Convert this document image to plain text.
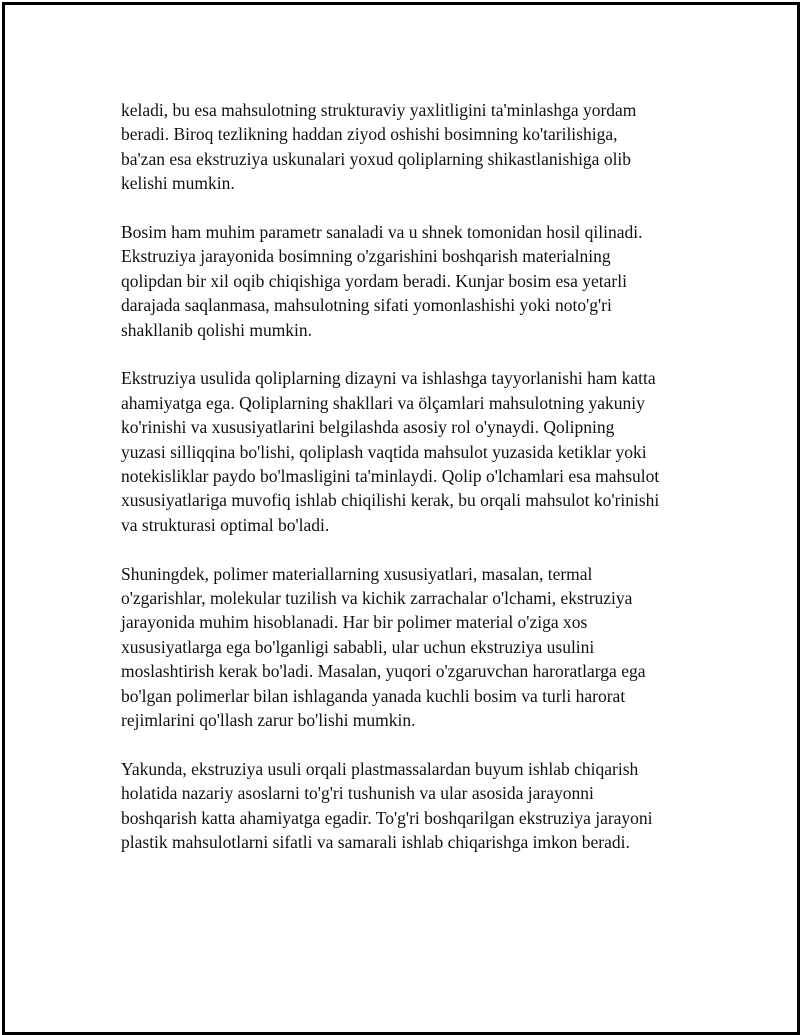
keladi, bu esa mahsulotning strukturaviy yaxlitligini ta'minlashga yordam
beradi. Biroq tezlikning haddan ziyod oshishi bosimning ko'tarilishiga,
ba'zan esa ekstruziya uskunalari yoxud qoliplarning shikastlanishiga olib
kelishi mumkin.

Bosim ham muhim parametr sanaladi va u shnek tomonidan hosil qilinadi.
Ekstruziya jarayonida bosimning o'zgarishini boshqarish materialning
qolipdan bir xil oqib chiqishiga yordam beradi. Kunjar bosim esa yetarli
darajada saqlanmasa, mahsulotning sifati yomonlashishi yoki noto'g'ri
shakllanib qolishi mumkin.

Ekstruziya usulida qoliplarning dizayni va ishlashga tayyorlanishi ham katta
ahamiyatga ega. Qoliplarning shakllari va ölçamlari mahsulotning yakuniy
ko'rinishi va xususiyatlarini belgilashda asosiy rol o'ynaydi. Qolipning
yuzasi silliqqina bo'lishi, qoliplash vaqtida mahsulot yuzasida ketiklar yoki
notekisliklar paydo bo'lmasligini ta'minlaydi. Qolip o'lchamlari esa mahsulot
xususiyatlariga muvofiq ishlab chiqilishi kerak, bu orqali mahsulot ko'rinishi
va strukturasi optimal bo'ladi.

Shuningdek, polimer materiallarning xususiyatlari, masalan, termal
o'zgarishlar, molekular tuzilish va kichik zarrachalar o'lchami, ekstruziya
jarayonida muhim hisoblanadi. Har bir polimer material o'ziga xos
xususiyatlarga ega bo'lganligi sababli, ular uchun ekstruziya usulini
moslashtirish kerak bo'ladi. Masalan, yuqori o'zgaruvchan haroratlarga ega
bo'lgan polimerlar bilan ishlaganda yanada kuchli bosim va turli harorat
rejimlarini qo'llash zarur bo'lishi mumkin.

Yakunda, ekstruziya usuli orqali plastmassalardan buyum ishlab chiqarish
holatida nazariy asoslarni to'g'ri tushunish va ular asosida jarayonni
boshqarish katta ahamiyatga egadir. To'g'ri boshqarilgan ekstruziya jarayoni
plastik mahsulotlarni sifatli va samarali ishlab chiqarishga imkon beradi.
